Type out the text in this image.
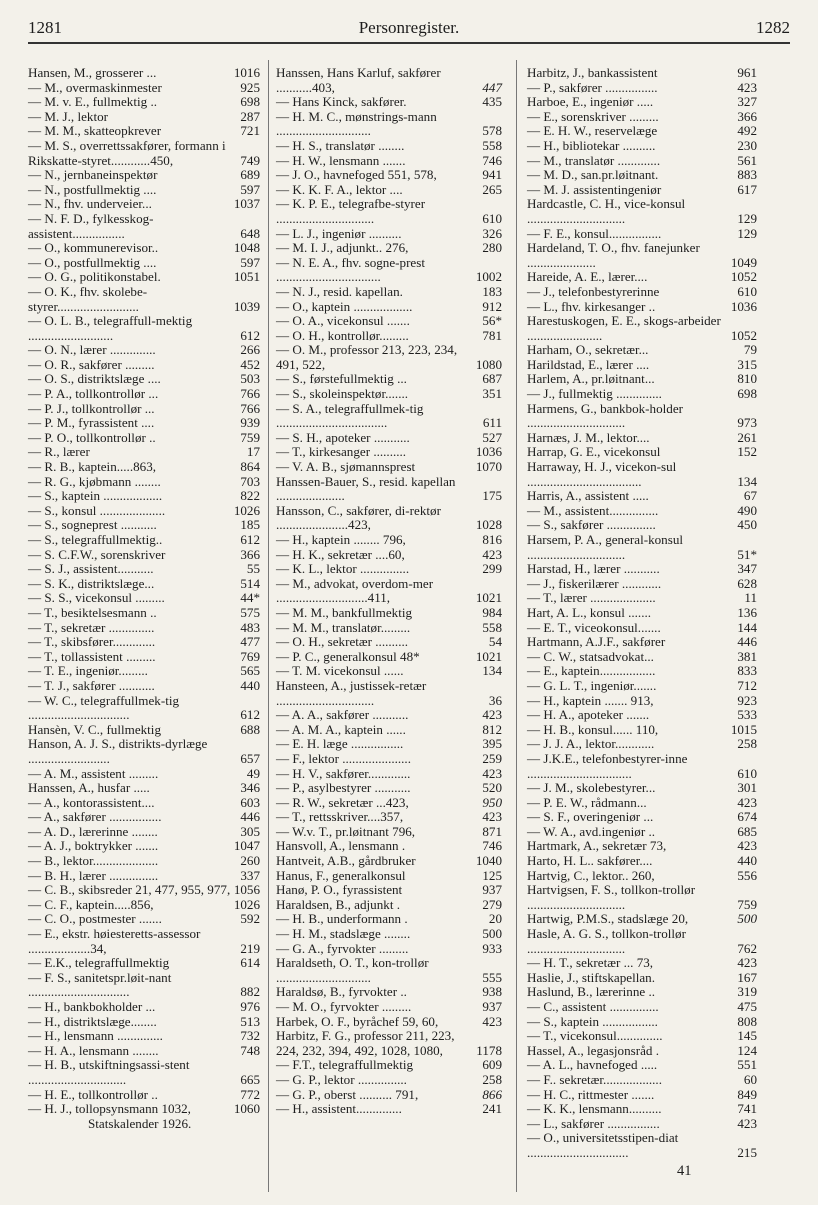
1281	Personregister.	1282
Hansen, M., grosserer ...	1016
— M., overmaskinmester	925
— M. v. E., fullmektig ..	698
— M. J., lektor	287
— M. M., skatteopkrever	721
— M. S., overrettssakfører, formann i Rikskatte-styret............450,	749
— N., jernbaneinspektør	689
— N., postfullmektig ....	597
— N., fhv. underveier...	1037
— N. F. D., fylkesskog-assistent................	648
— O., kommunerevisor..	1048
— O., postfullmektig ....	597
— O. G., politikonstabel.	1051
— O. K., fhv. skolebe-styrer.........................	1039
— O. L. B., telegraffull-mektig ..........................	612
— O. N., lærer ..............	266
— O. R., sakfører .........	452
— O. S., distriktslæge ....	503
— P. A., tollkontrollør ...	766
— P. J., tollkontrollør ...	766
— P. M., fyrassistent ....	939
— P. O., tollkontrollør ..	759
— R., lærer	17
— R. B., kaptein.....863,	864
— R. G., kjøbmann ........	703
— S., kaptein ..................	822
— S., konsul ....................	1026
— S., sogneprest ...........	185
— S., telegraffullmektig..	612
— S. C.F.W., sorenskriver	366
— S. J., assistent...........	55
— S. K., distriktslæge...	514
— S. S., vicekonsul .........	44*
— T., besiktelsesmann ..	575
— T., sekretær ..............	483
— T., skibsfører.............	477
— T., tollassistent .........	769
— T. E., ingeniør.........	565
— T. J., sakfører ...........	440
— W. C., telegraffullmek-tig ...............................	612
Hansèn, V. C., fullmektig	688
Hanson, A. J. S., distrikts-dyrlæge .........................	657
— A. M., assistent .........	49
Hanssen, A., husfar .....	346
— A., kontorassistent....	603
— A., sakfører ................	446
— A. D., lærerinne ........	305
— A. J., boktrykker .......	1047
— B., lektor....................	260
— B. H., lærer ...............	337
— C. B., skibsreder 21, 477, 955, 977, 1056
— C. F., kaptein.....856,	1026
— C. O., postmester .......	592
— E., ekstr. høiesteretts-assessor ...................34,	219
— E.K., telegraffullmektig	614
— F. S., sanitetspr.løit-nant ...............................	882
— H., bankbokholder ...	976
— H., distriktslæge........	513
— H., lensmann ..............	732
— H. A., lensmann ........	748
— H. B., utskiftningsassi-stent ..............................	665
— H. E., tollkontrollør ..	772
— H. J., tollopsynsmann 1032,	1060
Statskalender 1926.
Hanssen, Hans Karluf, sakfører ...........403,	447
— Hans Kinck, sakfører.	435
— H. M. C., mønstrings-mann .............................	578
— H. S., translatør ........	558
— H. W., lensmann .......	746
— J. O., havnefoged 551, 578,	941
— K. K. F. A., lektor ....	265
— K. P. E., telegrafbe-styrer ..............................	610
— L. J., ingeniør ..........	326
— M. I. J., adjunkt.. 276,	280
— N. E. A., fhv. sogne-prest ................................	1002
— N. J., resid. kapellan.	183
— O., kaptein ..................	912
— O. A., vicekonsul .......	56*
— O. H., kontrollør.........	781
— O. M., professor 213, 223, 234, 491, 522,	1080
— S., førstefullmektig ...	687
— S., skoleinspektør.......	351
— S. A., telegraffullmek-tig ..................................	611
— S. H., apoteker ...........	527
— T., kirkesanger ..........	1036
— V. A. B., sjømannsprest	1070
Hanssen-Bauer, S., resid. kapellan .....................	175
Hansson, C., sakfører, di-rektør ......................423,	1028
— H., kaptein ........ 796,	816
— H. K., sekretær ....60,	423
— K. L., lektor ...............	299
— M., advokat, overdom-mer ............................411,	1021
— M. M., bankfullmektig	984
— M. M., translatør.........	558
— O. H., sekretær ..........	54
— P. C., generalkonsul 48*	1021
— T. M. vicekonsul ......	134
Hansteen, A., justissek-retær ..............................	36
— A. A., sakfører ...........	423
— A. M. A., kaptein ......	812
— E. H. læge ................	395
— F., lektor .....................	259
— H. V., sakfører.............	423
— P., asylbestyrer ...........	520
— R. W., sekretær ...423,	950
— T., rettsskriver....357,	423
— W.v. T., pr.løitnant 796,	871
Hansvoll, A., lensmann .	746
Hantveit, A.B., gårdbruker	1040
Hanus, F., generalkonsul	125
Hanø, P. O., fyrassistent	937
Haraldsen, B., adjunkt .	279
— H. B., underformann .	20
— H. M., stadslæge ........	500
— G. A., fyrvokter .........	933
Haraldseth, O. T., kon-trollør .............................	555
Haraldsø, B., fyrvokter ..	938
— M. O., fyrvokter .........	937
Harbek, O. F., byråchef 59, 60,	423
Harbitz, F. G., professor 211, 223, 224, 232, 394, 492, 1028, 1080,	1178
— F.T., telegraffullmektig	609
— G. P., lektor ...............	258
— G. P., oberst .......... 791,	866
— H., assistent..............	241
Harbitz, J., bankassistent	961
— P., sakfører ................	423
Harboe, E., ingeniør .....	327
— E., sorenskriver .........	366
— E. H. W., reservelæge	492
— H., bibliotekar ..........	230
— M., translatør .............	561
— M. D., san.pr.løitnant.	883
— M. J. assistentingeniør	617
Hardcastle, C. H., vice-konsul ..............................	129
— F. E., konsul................	129
Hardeland, T. O., fhv. fanejunker .....................	1049
Hareide, A. E., lærer....	1052
— J., telefonbestyrerinne	610
— L., fhv. kirkesanger ..	1036
Harestuskogen, E. E., skogs-arbeider .......................	1052
Harham, O., sekretær...	79
Harildstad, E., lærer ....	315
Harlem, A., pr.løitnant...	810
— J., fullmektig ..............	698
Harmens, G., bankbok-holder ..............................	973
Harnæs, J. M., lektor....	261
Harrap, G. E., vicekonsul	152
Harraway, H. J., vicekon-sul ...................................	134
Harris, A., assistent .....	67
— M., assistent...............	490
— S., sakfører ...............	450
Harsem, P. A., general-konsul ..............................	51*
Harstad, H., lærer ...........	347
— J., fiskerilærer ............	628
— T., lærer ....................	11
Hart, A. L., konsul .......	136
— E. T., viceokonsul.......	144
Hartmann, A.J.F., sakfører	446
— C. W., statsadvokat...	381
— E., kaptein.................	833
— G. L. T., ingeniør.......	712
— H., kaptein ....... 913,	923
— H. A., apoteker .......	533
— H. B., konsul...... 110,	1015
— J. J. A., lektor............	258
— J.K.E., telefonbestyrer-inne ................................	610
— J. M., skolebestyrer...	301
— P. E. W., rådmann...	423
— S. F., overingeniør ...	674
— W. A., avd.ingeniør ..	685
Hartmark, A., sekretær 73,	423
Harto, H. L.. sakfører....	440
Hartvig, C., lektor.. 260,	556
Hartvigsen, F. S., tollkon-trollør ..............................	759
Hartwig, P.M.S., stadslæge 20,	500
Hasle, A. G. S., tollkon-trollør ..............................	762
— H. T., sekretær ... 73,	423
Haslie, J., stiftskapellan.	167
Haslund, B., lærerinne ..	319
— C., assistent ...............	475
— S., kaptein .................	808
— T., vicekonsul..............	145
Hassel, A., legasjonsråd .	124
— A. L., havnefoged .....	551
— F.. sekretær..................	60
— H. C., rittmester .......	849
— K. K., lensmann..........	741
— L., sakfører ................	423
— O., universitetsstipen-diat ...............................	215
41
